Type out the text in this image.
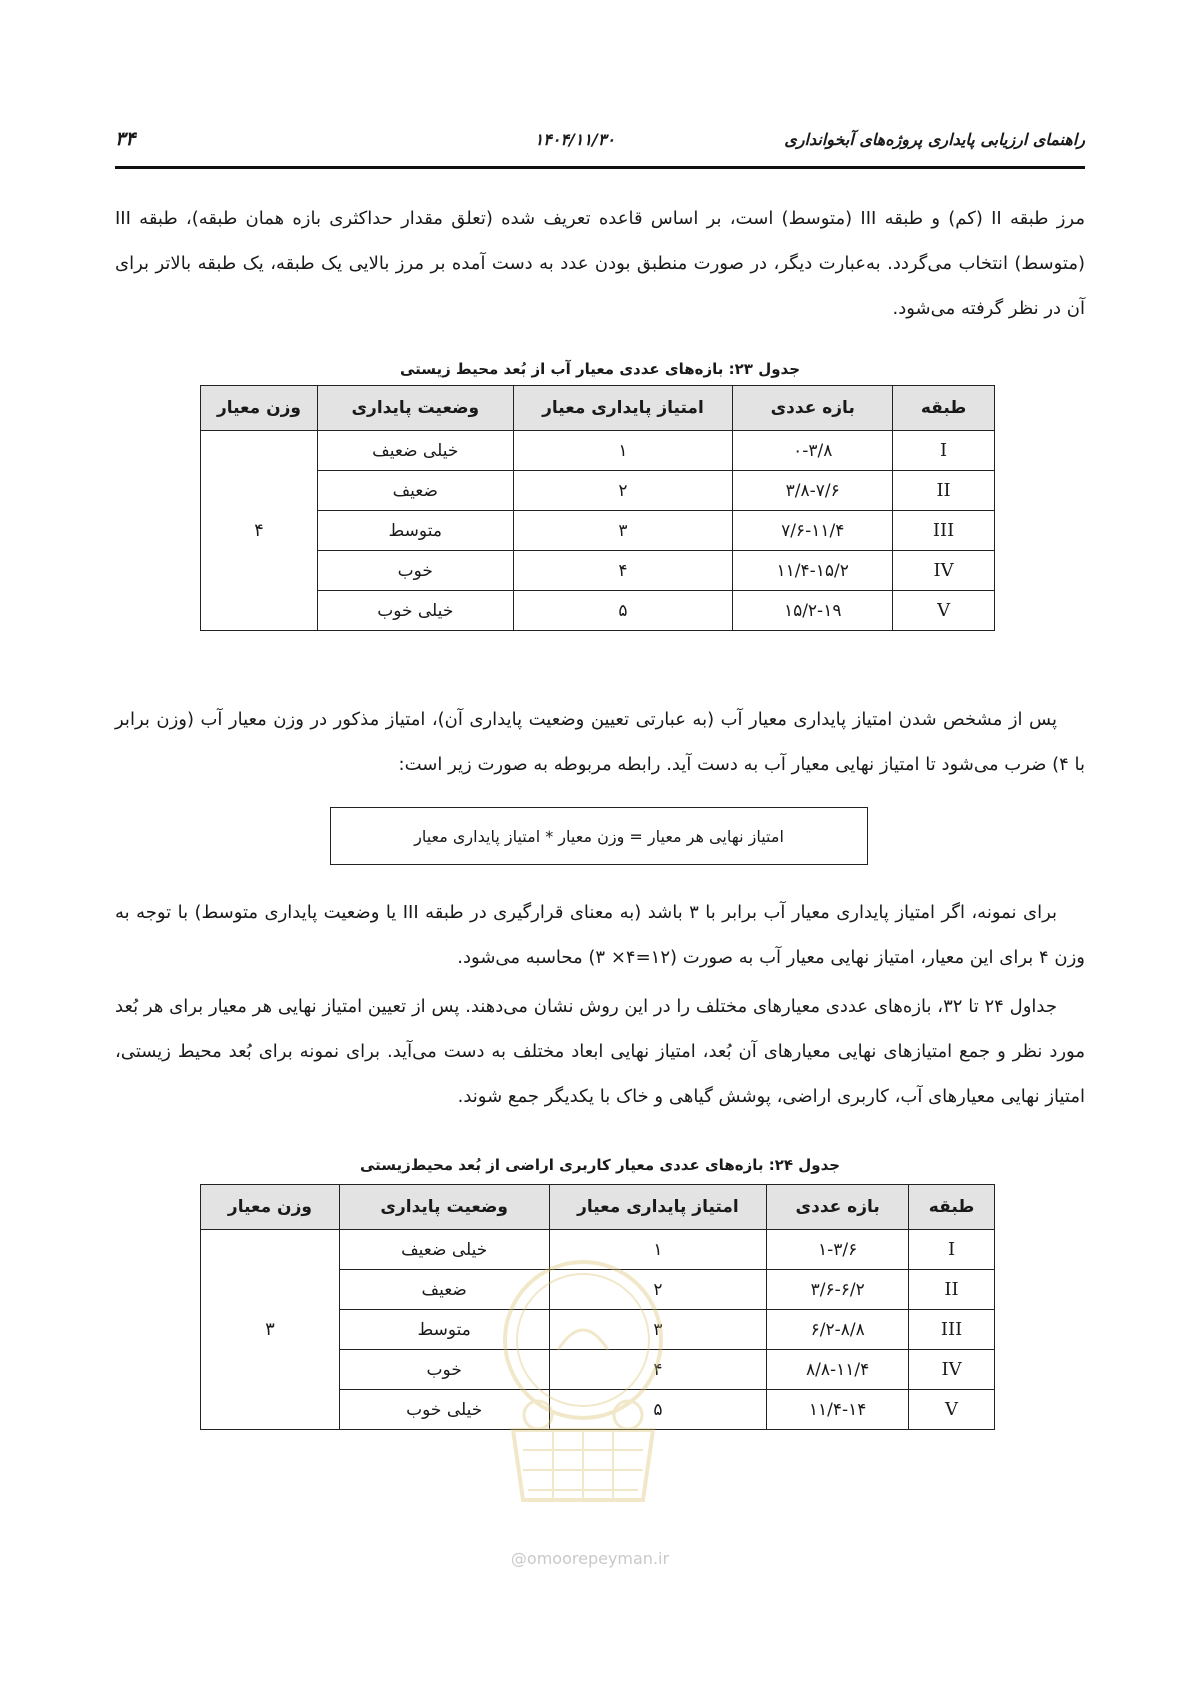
راهنمای ارزیابی پایداری پروژه‌های آبخوانداری
۱۴۰۴/۱۱/۳۰
۳۴

مرز طبقه II (کم) و طبقه III (متوسط) است، بر اساس قاعده تعریف شده (تعلق مقدار حداکثری بازه همان طبقه)، طبقه III (متوسط) انتخاب می‌گردد. به‌عبارت دیگر، در صورت منطبق بودن عدد به دست آمده بر مرز بالایی یک طبقه، یک طبقه بالاتر برای آن در نظر گرفته می‌شود.

جدول ۲۳: بازه‌های عددی معیار آب از بُعد محیط زیستی
طبقه	بازه عددی	امتیاز پایداری معیار	وضعیت پایداری	وزن معیار
I	۰-۳/۸	۱	خیلی ضعیف	۴
II	۳/۸-۷/۶	۲	ضعیف	
III	۷/۶-۱۱/۴	۳	متوسط	
IV	۱۱/۴-۱۵/۲	۴	خوب	
V	۱۵/۲-۱۹	۵	خیلی خوب	

پس از مشخص شدن امتیاز پایداری معیار آب (به عبارتی تعیین وضعیت پایداری آن)، امتیاز مذکور در وزن معیار آب (وزن برابر با ۴) ضرب می‌شود تا امتیاز نهایی معیار آب به دست آید. رابطه مربوطه به صورت زیر است:

امتیاز نهایی هر معیار = وزن معیار * امتیاز پایداری معیار

برای نمونه، اگر امتیاز پایداری معیار آب برابر با ۳ باشد (به معنای قرارگیری در طبقه III یا وضعیت پایداری متوسط) با توجه به وزن ۴ برای این معیار، امتیاز نهایی معیار آب به صورت (۱۲=۴× ۳) محاسبه می‌شود.

جداول ۲۴ تا ۳۲، بازه‌های عددی معیارهای مختلف را در این روش نشان می‌دهند. پس از تعیین امتیاز نهایی هر معیار برای هر بُعد مورد نظر و جمع امتیازهای نهایی معیارهای آن بُعد، امتیاز نهایی ابعاد مختلف به دست می‌آید. برای نمونه برای بُعد محیط زیستی، امتیاز نهایی معیارهای آب، کاربری اراضی، پوشش گیاهی و خاک با یکدیگر جمع شوند.

جدول ۲۴: بازه‌های عددی معیار کاربری اراضی از بُعد محیط‌زیستی
طبقه	بازه عددی	امتیاز پایداری معیار	وضعیت پایداری	وزن معیار
I	۱-۳/۶	۱	خیلی ضعیف	۳
II	۳/۶-۶/۲	۲	ضعیف	
III	۶/۲-۸/۸	۳	متوسط	
IV	۸/۸-۱۱/۴	۴	خوب	
V	۱۱/۴-۱۴	۵	خیلی خوب	
@omoorepeyman.ir
